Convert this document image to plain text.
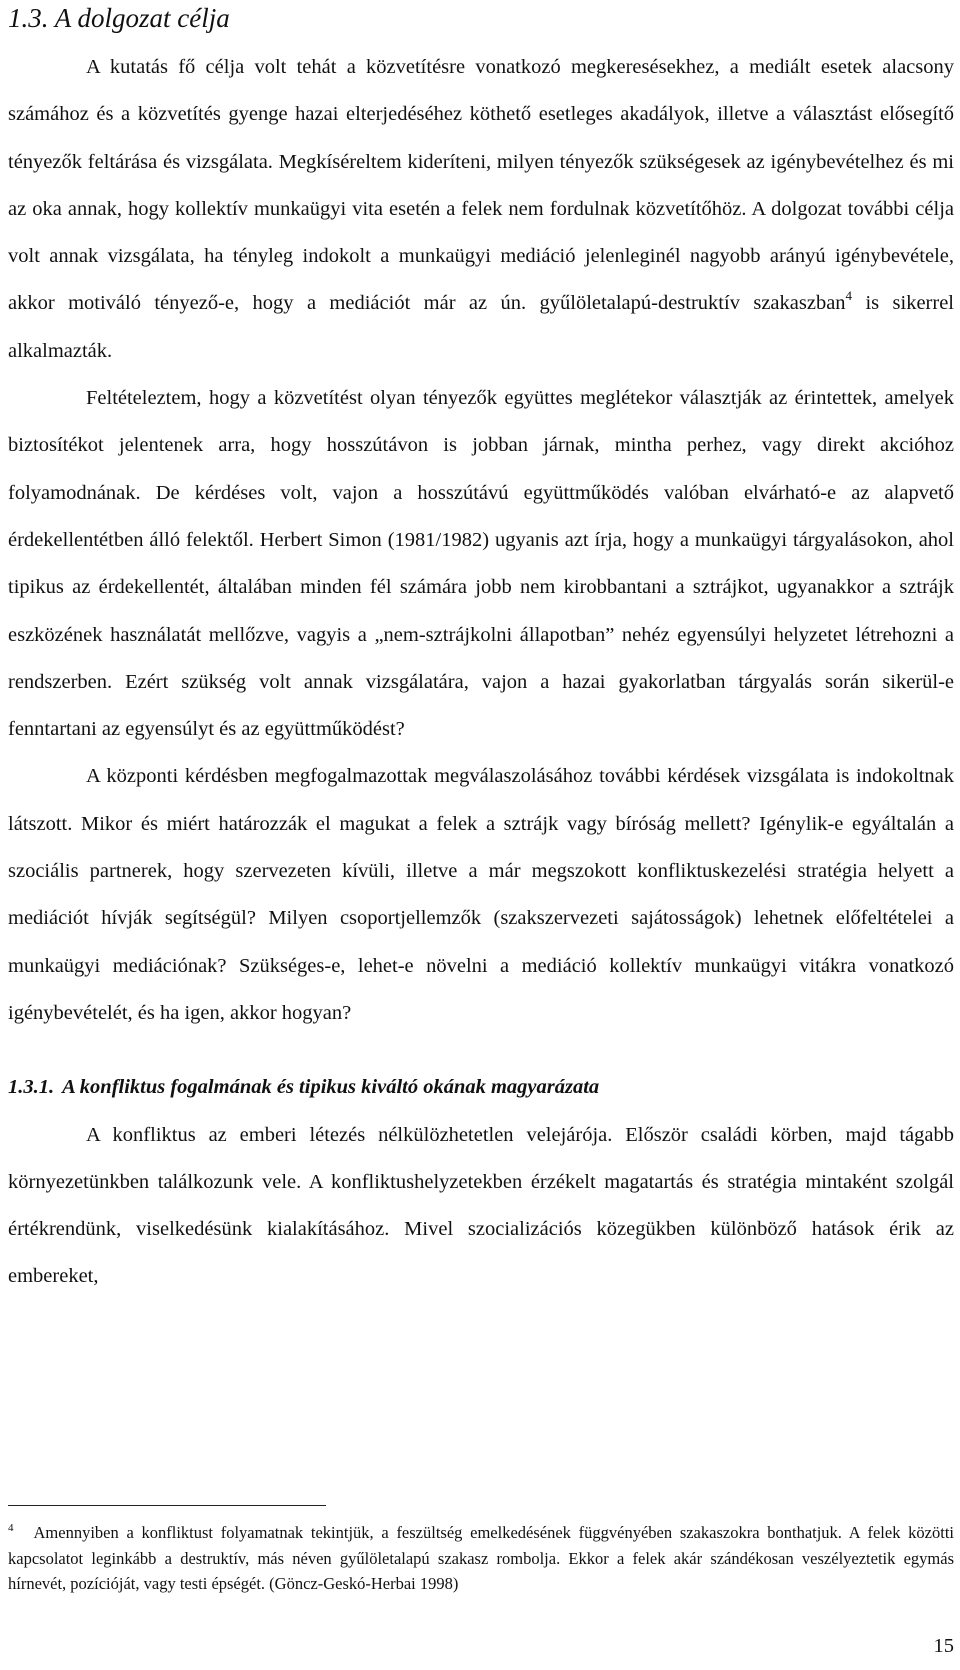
1.3. A dolgozat célja

A kutatás fő célja volt tehát a közvetítésre vonatkozó megkeresésekhez, a mediált esetek alacsony számához és a közvetítés gyenge hazai elterjedéséhez köthető esetleges akadályok, illetve a választást elősegítő tényezők feltárása és vizsgálata. Megkíséreltem kideríteni, milyen tényezők szükségesek az igénybevételhez és mi az oka annak, hogy kollektív munkaügyi vita esetén a felek nem fordulnak közvetítőhöz. A dolgozat további célja volt annak vizsgálata, ha tényleg indokolt a munkaügyi mediáció jelenleginél nagyobb arányú igénybevétele, akkor motiváló tényező-e, hogy a mediációt már az ún. gyűlöletalapú-destruktív szakaszban$^4$ is sikerrel alkalmazták.

Feltételeztem, hogy a közvetítést olyan tényezők együttes meglétekor választják az érintettek, amelyek biztosítékot jelentenek arra, hogy hosszútávon is jobban járnak, mintha perhez, vagy direkt akcióhoz folyamodnának. De kérdéses volt, vajon a hosszútávú együttműködés valóban elvárható-e az alapvető érdekellentétben álló felektől. Herbert Simon (1981/1982) ugyanis azt írja, hogy a munkaügyi tárgyalásokon, ahol tipikus az érdekellentét, általában minden fél számára jobb nem kirobbantani a sztrájkot, ugyanakkor a sztrájk eszközének használatát mellőzve, vagyis a „nem-sztrájkolni állapotban” nehéz egyensúlyi helyzetet létrehozni a rendszerben. Ezért szükség volt annak vizsgálatára, vajon a hazai gyakorlatban tárgyalás során sikerül-e fenntartani az egyensúlyt és az együttműködést?

A központi kérdésben megfogalmazottak megválaszolásához további kérdések vizsgálata is indokoltnak látszott. Mikor és miért határozzák el magukat a felek a sztrájk vagy bíróság mellett? Igénylik-e egyáltalán a szociális partnerek, hogy szervezeten kívüli, illetve a már megszokott konfliktuskezelési stratégia helyett a mediációt hívják segítségül? Milyen csoportjellemzők (szakszervezeti sajátosságok) lehetnek előfeltételei a munkaügyi mediációnak? Szükséges-e, lehet-e növelni a mediáció kollektív munkaügyi vitákra vonatkozó igénybevételét, és ha igen, akkor hogyan?

1.3.1. A konfliktus fogalmának és tipikus kiváltó okának magyarázata

A konfliktus az emberi létezés nélkülözhetetlen velejárója. Először családi körben, majd tágabb környezetünkben találkozunk vele. A konfliktushelyzetekben érzékelt magatartás és stratégia mintaként szolgál értékrendünk, viselkedésünk kialakításához. Mivel szocializációs közegükben különböző hatások érik az embereket,

$^4$ Amennyiben a konfliktust folyamatnak tekintjük, a feszültség emelkedésének függvényében szakaszokra bonthatjuk. A felek közötti kapcsolatot leginkább a destruktív, más néven gyűlöletalapú szakasz rombolja. Ekkor a felek akár szándékosan veszélyeztetik egymás hírnevét, pozícióját, vagy testi épségét. (Göncz-Geskó-Herbai 1998)

15
